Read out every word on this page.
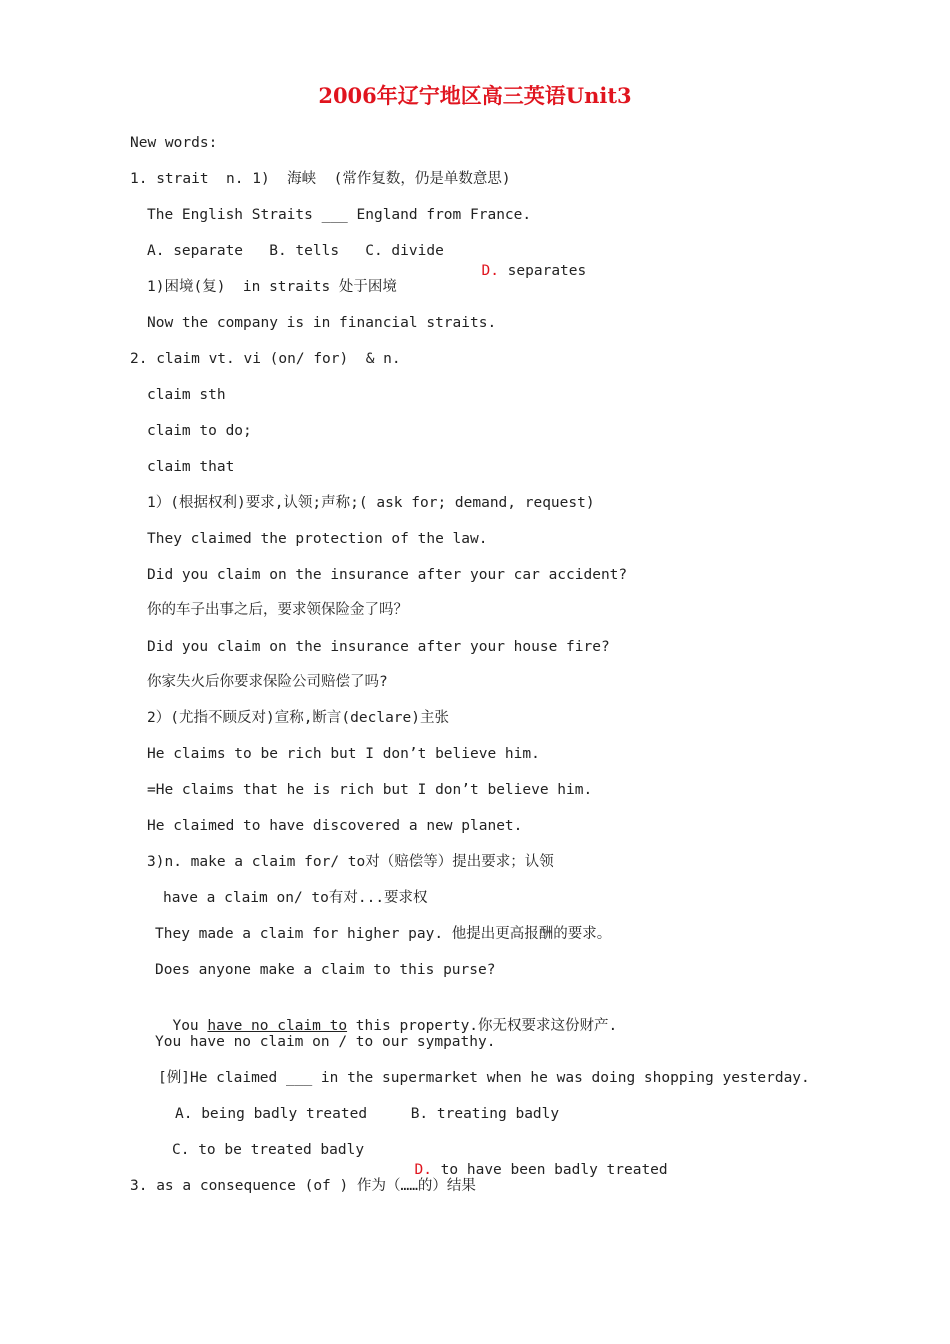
2006年辽宁地区高三英语Unit3
New words:
1. strait  n. 1)  海峡  (常作复数，仍是单数意思)
The English Straits ___ England from France.
A. separate   B. tells   C. divide
1)困境(复)  in straits 处于困境
Now the company is in financial straits.
2. claim vt. vi (on/ for)  & n.
claim sth
claim to do;
claim that
1）(根据权利)要求,认领;声称;( ask for; demand, request)
They claimed the protection of the law.
Did you claim on the insurance after your car accident?
你的车子出事之后，要求领保险金了吗？
Did you claim on the insurance after your house fire?
你家失火后你要求保险公司赔偿了吗?
2）(尤指不顾反对)宣称,断言(declare)主张
He claims to be rich but I don’t believe him.
=He claims that he is rich but I don’t believe him.
He claimed to have discovered a new planet.
3)n. make a claim for/ to对（赔偿等）提出要求；认领
have a claim on/ to有对...要求权
They made a claim for higher pay. 他提出更高报酬的要求。
Does anyone make a claim to this purse?
You have no claim on / to our sympathy.
[例]He claimed ___ in the supermarket when he was doing shopping yesterday.
A. being badly treated     B. treating badly
C. to be treated badly
3. as a consequence (of ) 作为（……的）结果

D. separates

You have no claim to this property.你无权要求这份财产.

D. to have been badly treated
